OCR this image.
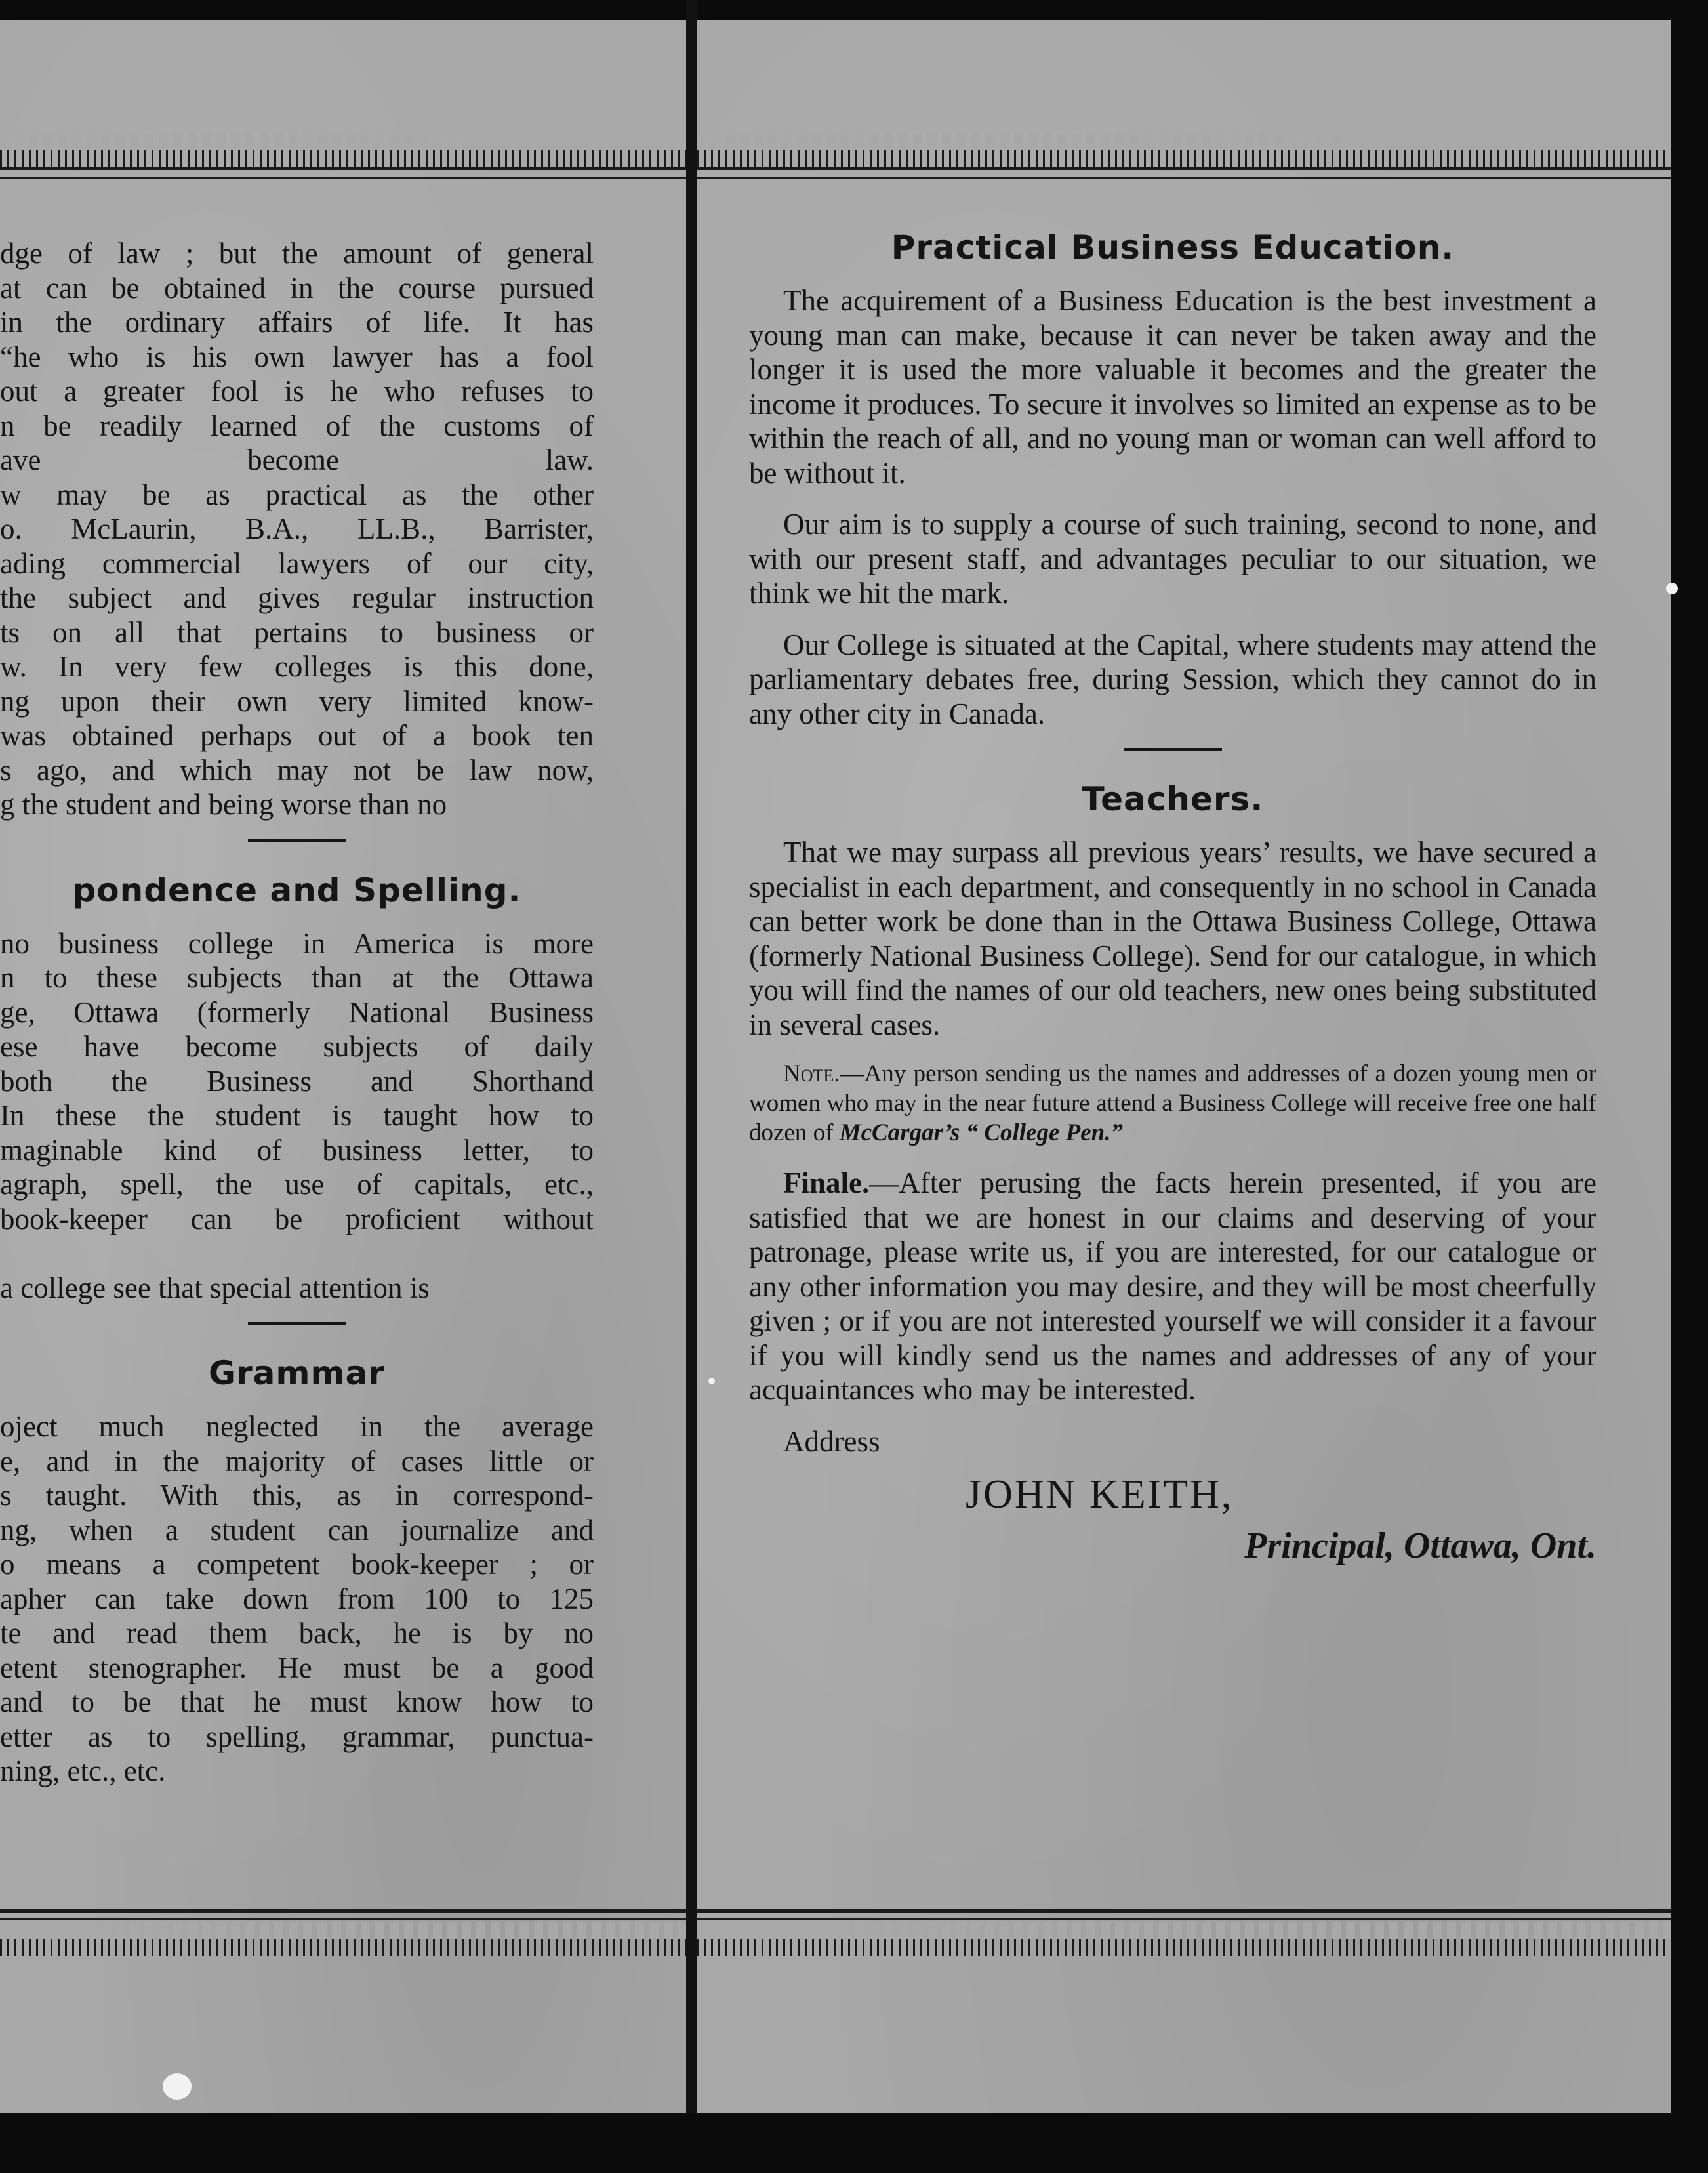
dge of law ; but the amount of general
at can be obtained in the course pursued
in the ordinary affairs of life. It has
“he who is his own lawyer has a fool
out a greater fool is he who refuses to
n be readily learned of the customs of
ave become law.
w may be as practical as the other
o. McLaurin, B.A., LL.B., Barrister,
ading commercial lawyers of our city,
the subject and gives regular instruction
ts on all that pertains to business or
w. In very few colleges is this done,
ng upon their own very limited know-
was obtained perhaps out of a book ten
s ago, and which may not be law now,
g the student and being worse than no
pondence and Spelling.
no business college in America is more
n to these subjects than at the Ottawa
ge, Ottawa (formerly National Business
ese have become subjects of daily
both the Business and Shorthand
In these the student is taught how to
maginable kind of business letter, to
agraph, spell, the use of capitals, etc.,
book-keeper can be proficient without
a college see that special attention is
Grammar
oject much neglected in the average
e, and in the majority of cases little or
s taught. With this, as in correspond-
ng, when a student can journalize and
o means a competent book-keeper ; or
apher can take down from 100 to 125
te and read them back, he is by no
etent stenographer. He must be a good
and to be that he must know how to
etter as to spelling, grammar, punctua-
ning, etc., etc.
Practical Business Education.

The acquirement of a Business Education is the best investment a young man can make, because it can never be taken away and the longer it is used the more valuable it becomes and the greater the income it produces. To secure it involves so limited an expense as to be within the reach of all, and no young man or woman can well afford to be without it.

Our aim is to supply a course of such training, second to none, and with our present staff, and advantages peculiar to our situation, we think we hit the mark.

Our College is situated at the Capital, where students may attend the parliamentary debates free, during Session, which they cannot do in any other city in Canada.

Teachers.

That we may surpass all previous years’ results, we have secured a specialist in each department, and consequently in no school in Canada can better work be done than in the Ottawa Business College, Ottawa (formerly National Business College). Send for our catalogue, in which you will find the names of our old teachers, new ones being substituted in several cases.

Note.—Any person sending us the names and addresses of a dozen young men or women who may in the near future attend a Business College will receive free one half dozen of McCargar’s “ College Pen.”

Finale.—After perusing the facts herein presented, if you are satisfied that we are honest in our claims and deserving of your patronage, please write us, if you are interested, for our catalogue or any other information you may desire, and they will be most cheerfully given ; or if you are not interested yourself we will consider it a favour if you will kindly send us the names and addresses of any of your acquaintances who may be interested.

Address
JOHN KEITH,
Principal, Ottawa, Ont.
